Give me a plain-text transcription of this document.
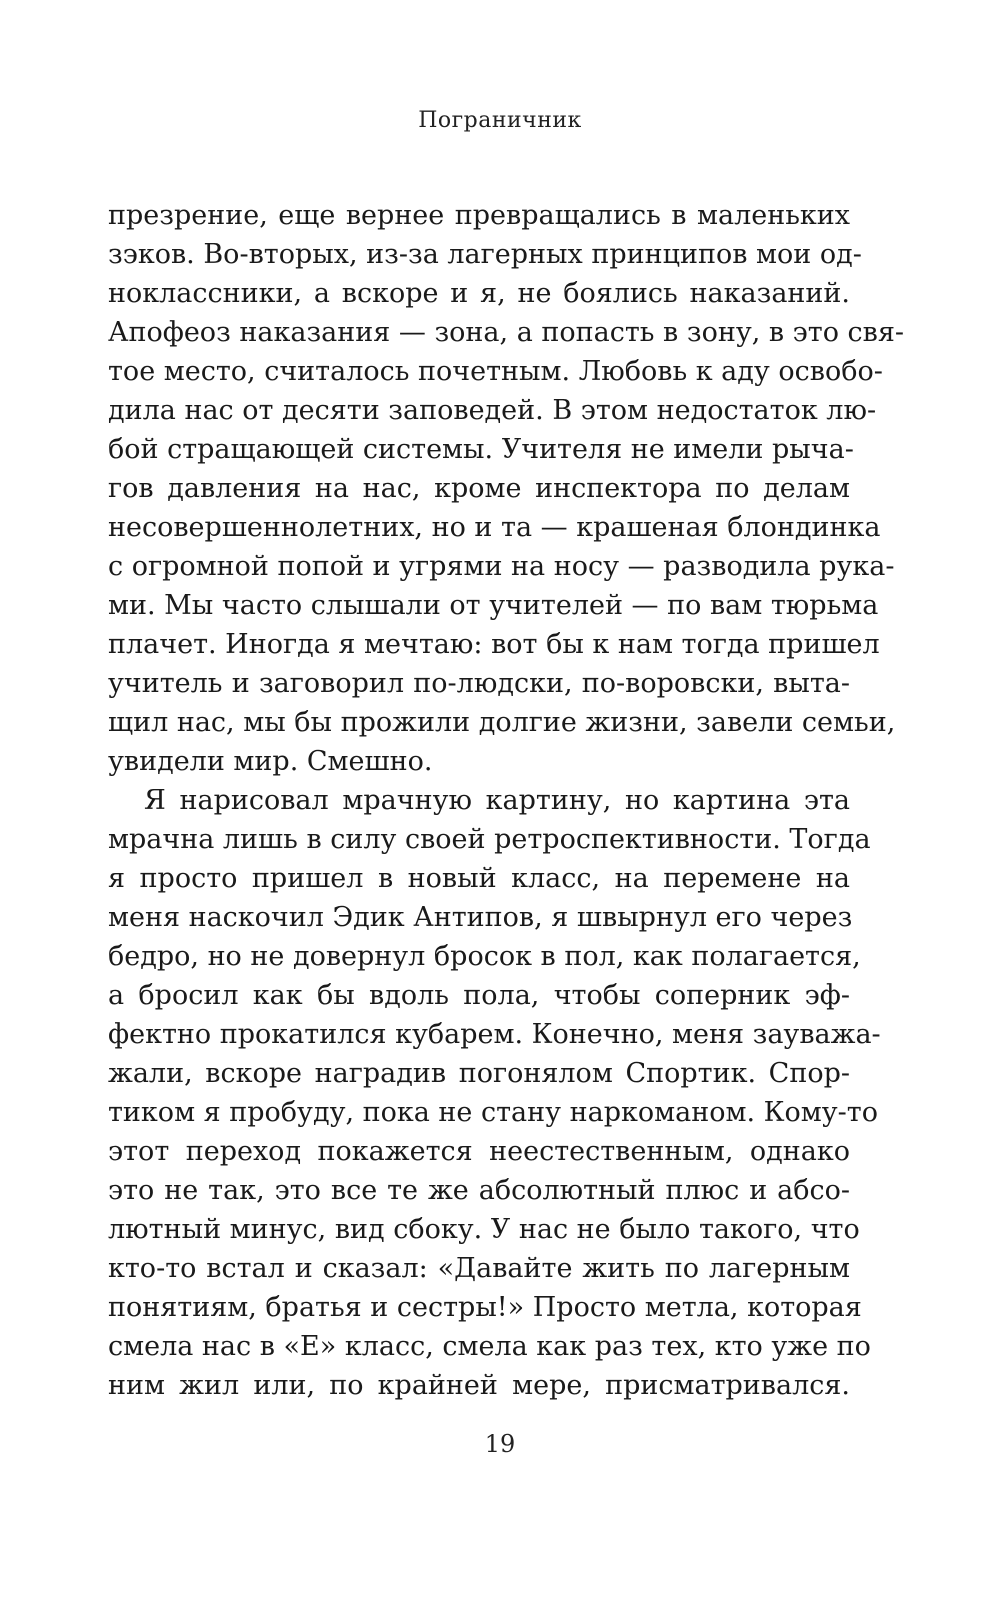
Пограничник
презрение, еще вернее превращались в маленьких
зэков. Во-вторых, из-за лагерных принципов мои од-
ноклассники, а вскоре и я, не боялись наказаний.
Апофеоз наказания — зона, а попасть в зону, в это свя-
тое место, считалось почетным. Любовь к аду освобо-
дила нас от десяти заповедей. В этом недостаток лю-
бой стращающей системы. Учителя не имели рыча-
гов давления на нас, кроме инспектора по делам
несовершеннолетних, но и та — крашеная блондинка
с огромной попой и угрями на носу — разводила рука-
ми. Мы часто слышали от учителей — по вам тюрьма
плачет. Иногда я мечтаю: вот бы к нам тогда пришел
учитель и заговорил по-людски, по-воровски, выта-
щил нас, мы бы прожили долгие жизни, завели семьи,
увидели мир. Смешно.
Я нарисовал мрачную картину, но картина эта
мрачна лишь в силу своей ретроспективности. Тогда
я просто пришел в новый класс, на перемене на
меня наскочил Эдик Антипов, я швырнул его через
бедро, но не довернул бросок в пол, как полагается,
а бросил как бы вдоль пола, чтобы соперник эф-
фектно прокатился кубарем. Конечно, меня зауважа-
жали, вскоре наградив погонялом Спортик. Спор-
тиком я пробуду, пока не стану наркоманом. Кому-то
этот переход покажется неестественным, однако
это не так, это все те же абсолютный плюс и абсо-
лютный минус, вид сбоку. У нас не было такого, что
кто-то встал и сказал: «Давайте жить по лагерным
понятиям, братья и сестры!» Просто метла, которая
смела нас в «Е» класс, смела как раз тех, кто уже по
ним жил или, по крайней мере, присматривался.
19
